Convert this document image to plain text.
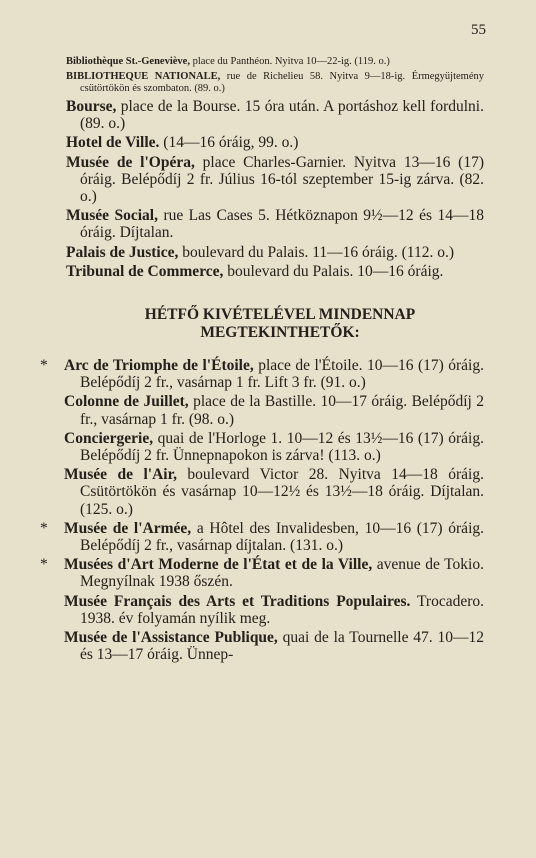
55
Bibliothèque St.-Geneviève, place du Panthéon. Nyitva 10—22-ig. (119. o.)
BIBLIOTHEQUE NATIONALE, rue de Richelieu 58. Nyitva 9—18-ig. Érmegyüjtemény csütörtökön és szombaton. (89. o.)
Bourse, place de la Bourse. 15 óra után. A portáshoz kell fordulni. (89. o.)
Hotel de Ville. (14—16 óráig, 99. o.)
Musée de l'Opéra, place Charles-Garnier. Nyitva 13—16 (17) óráig. Belépődíj 2 fr. Július 16-tól szeptember 15-ig zárva. (82. o.)
Musée Social, rue Las Cases 5. Hétköznapon 9½—12 és 14—18 óráig. Díjtalan.
Palais de Justice, boulevard du Palais. 11—16 óráig. (112. o.)
Tribunal de Commerce, boulevard du Palais. 10—16 óráig.
HÉTFŐ KIVÉTELÉVEL MINDENNAP
MEGTEKINTHETŐK:
* Arc de Triomphe de l'Étoile, place de l'Étoile. 10—16 (17) óráig. Belépődíj 2 fr., vasárnap 1 fr. Lift 3 fr. (91. o.)
Colonne de Juillet, place de la Bastille. 10—17 óráig. Belépődíj 2 fr., vasárnap 1 fr. (98. o.)
Conciergerie, quai de l'Horloge 1. 10—12 és 13½—16 (17) óráig. Belépődíj 2 fr. Ünnepnapokon is zárva! (113. o.)
Musée de l'Air, boulevard Victor 28. Nyitva 14—18 óráig. Csütörtökön és vasárnap 10—12½ és 13½—18 óráig. Díjtalan. (125. o.)
* Musée de l'Armée, a Hôtel des Invalidesben, 10—16 (17) óráig. Belépődíj 2 fr., vasárnap díjtalan. (131. o.)
* Musées d'Art Moderne de l'État et de la Ville, avenue de Tokio. Megnyílnak 1938 őszén.
Musée Français des Arts et Traditions Populaires. Trocadero. 1938. év folyamán nyílik meg.
Musée de l'Assistance Publique, quai de la Tournelle 47. 10—12 és 13—17 óráig. Ünnep-
